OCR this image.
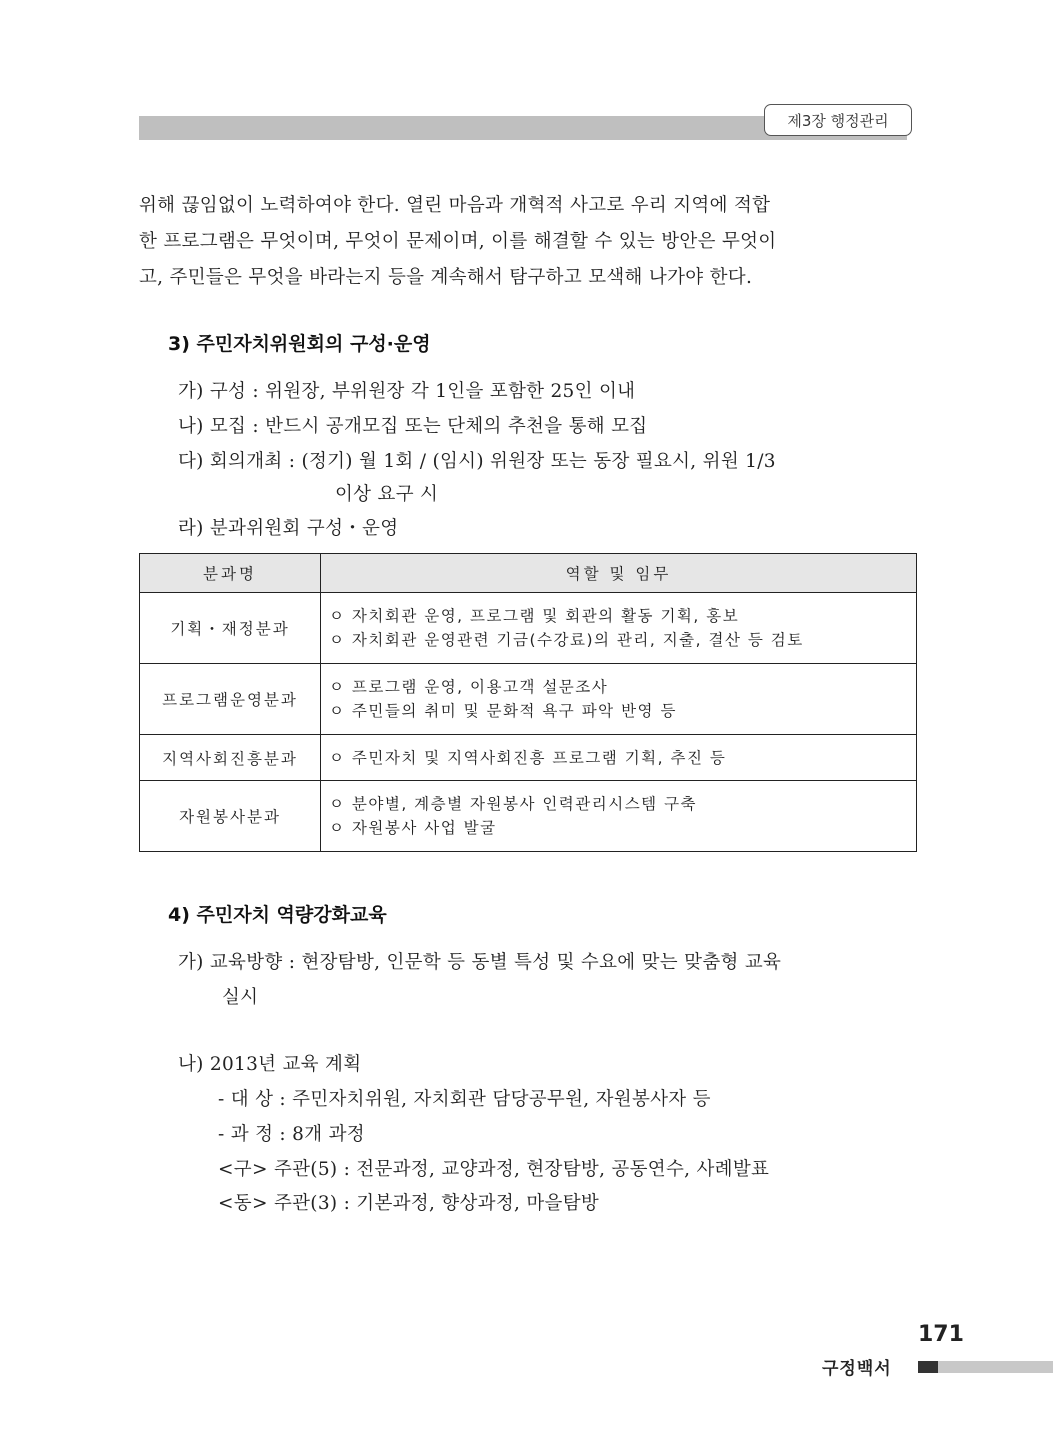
제3장 행정관리
위해 끊임없이 노력하여야 한다. 열린 마음과 개혁적 사고로 우리 지역에 적합
한 프로그램은 무엇이며, 무엇이 문제이며, 이를 해결할 수 있는 방안은 무엇이
고, 주민들은 무엇을 바라는지 등을 계속해서 탐구하고 모색해 나가야 한다.
3) 주민자치위원회의 구성·운영
가) 구성 : 위원장, 부위원장 각 1인을 포함한 25인 이내
나) 모집 : 반드시 공개모집 또는 단체의 추천을 통해 모집
다) 회의개최 : (정기) 월 1회 / (임시) 위원장 또는 동장 필요시, 위원 1/3
이상 요구 시
라) 분과위원회 구성・운영
분과명	역할 및 임무
기획・재정분과	ㅇ 자치회관 운영, 프로그램 및 회관의 활동 기획, 홍보
ㅇ 자치회관 운영관련 기금(수강료)의 관리, 지출, 결산 등 검토

프로그램운영분과	ㅇ 프로그램 운영, 이용고객 설문조사
ㅇ 주민들의 취미 및 문화적 욕구 파악 반영 등

지역사회진흥분과	ㅇ 주민자치 및 지역사회진흥 프로그램 기획, 추진 등

자원봉사분과	ㅇ 분야별, 계층별 자원봉사 인력관리시스템 구축
ㅇ 자원봉사 사업 발굴
4) 주민자치 역량강화교육
가) 교육방향 : 현장탐방, 인문학 등 동별 특성 및 수요에 맞는 맞춤형 교육
실시
나) 2013년 교육 계획
- 대 상 : 주민자치위원, 자치회관 담당공무원, 자원봉사자 등
- 과 정 : 8개 과정
<구> 주관(5) : 전문과정, 교양과정, 현장탐방, 공동연수, 사례발표
<동> 주관(3) : 기본과정, 향상과정, 마을탐방
171
구정백서
